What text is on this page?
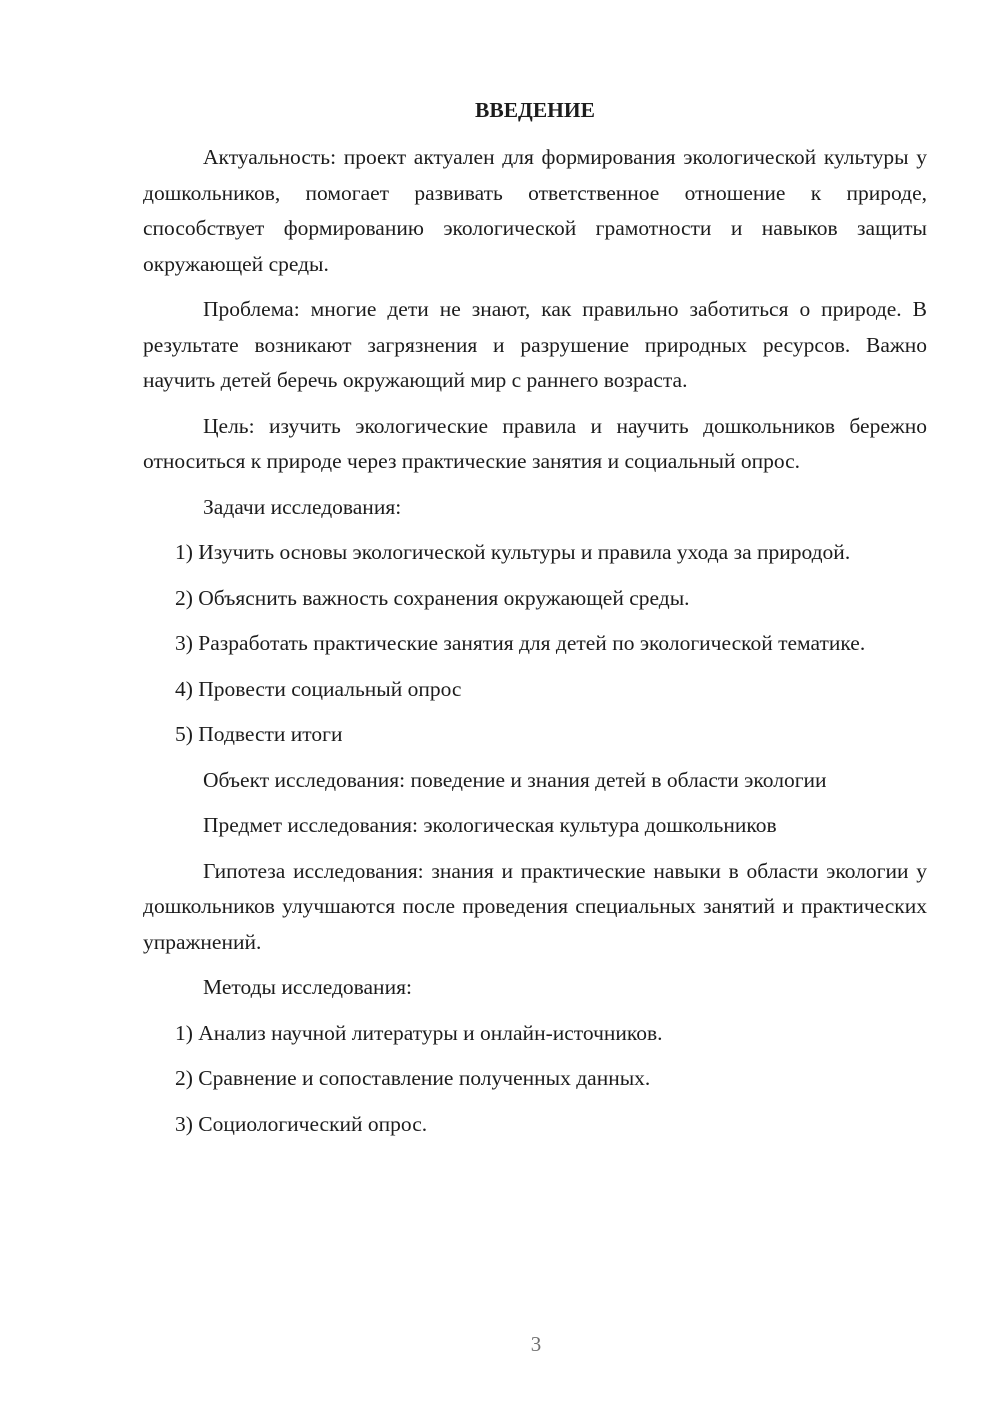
ВВЕДЕНИЕ

Актуальность: проект актуален для формирования экологической культуры у дошкольников, помогает развивать ответственное отношение к природе, способствует формированию экологической грамотности и навыков защиты окружающей среды.

Проблема: многие дети не знают, как правильно заботиться о природе. В результате возникают загрязнения и разрушение природных ресурсов. Важно научить детей беречь окружающий мир с раннего возраста.

Цель: изучить экологические правила и научить дошкольников бережно относиться к природе через практические занятия и социальный опрос.

Задачи исследования:

1) Изучить основы экологической культуры и правила ухода за природой.

2) Объяснить важность сохранения окружающей среды.

3) Разработать практические занятия для детей по экологической тематике.

4) Провести социальный опрос

5) Подвести итоги

Объект исследования: поведение и знания детей в области экологии

Предмет исследования: экологическая культура дошкольников

Гипотеза исследования: знания и практические навыки в области экологии у дошкольников улучшаются после проведения специальных занятий и практических упражнений.

Методы исследования:

1) Анализ научной литературы и онлайн-источников.

2) Сравнение и сопоставление полученных данных.

3) Социологический опрос.

3
